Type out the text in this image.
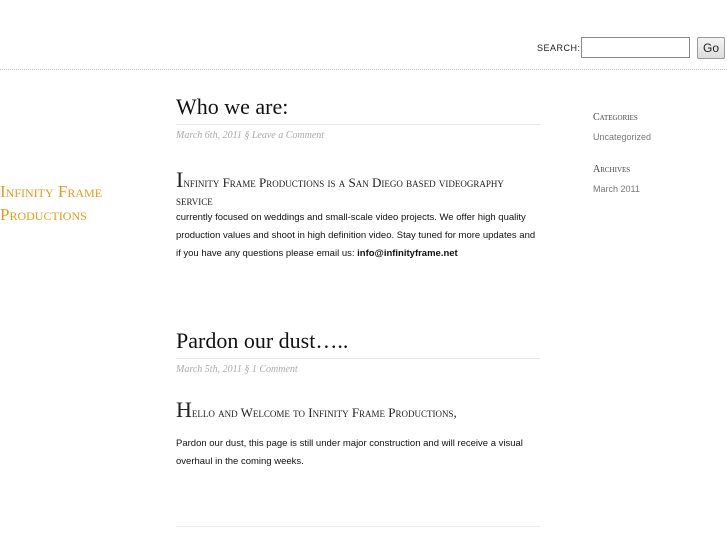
SEARCH:	Go
Infinity Frame
Productions
Who we are:
March 6th, 2011 § Leave a Comment
Infinity Frame Productions is a San Diego based videography service

currently focused on weddings and small-scale video projects. We offer high quality production values and shoot in high definition video. Stay tuned for more updates and if you have any questions please email us: info@infinityframe.net

Pardon our dust…..
March 5th, 2011 § 1 Comment
Hello and Welcome to Infinity Frame Productions,

Pardon our dust, this page is still under major construction and will receive a visual overhaul in the coming weeks.

Categories
Uncategorized
Archives
March 2011
